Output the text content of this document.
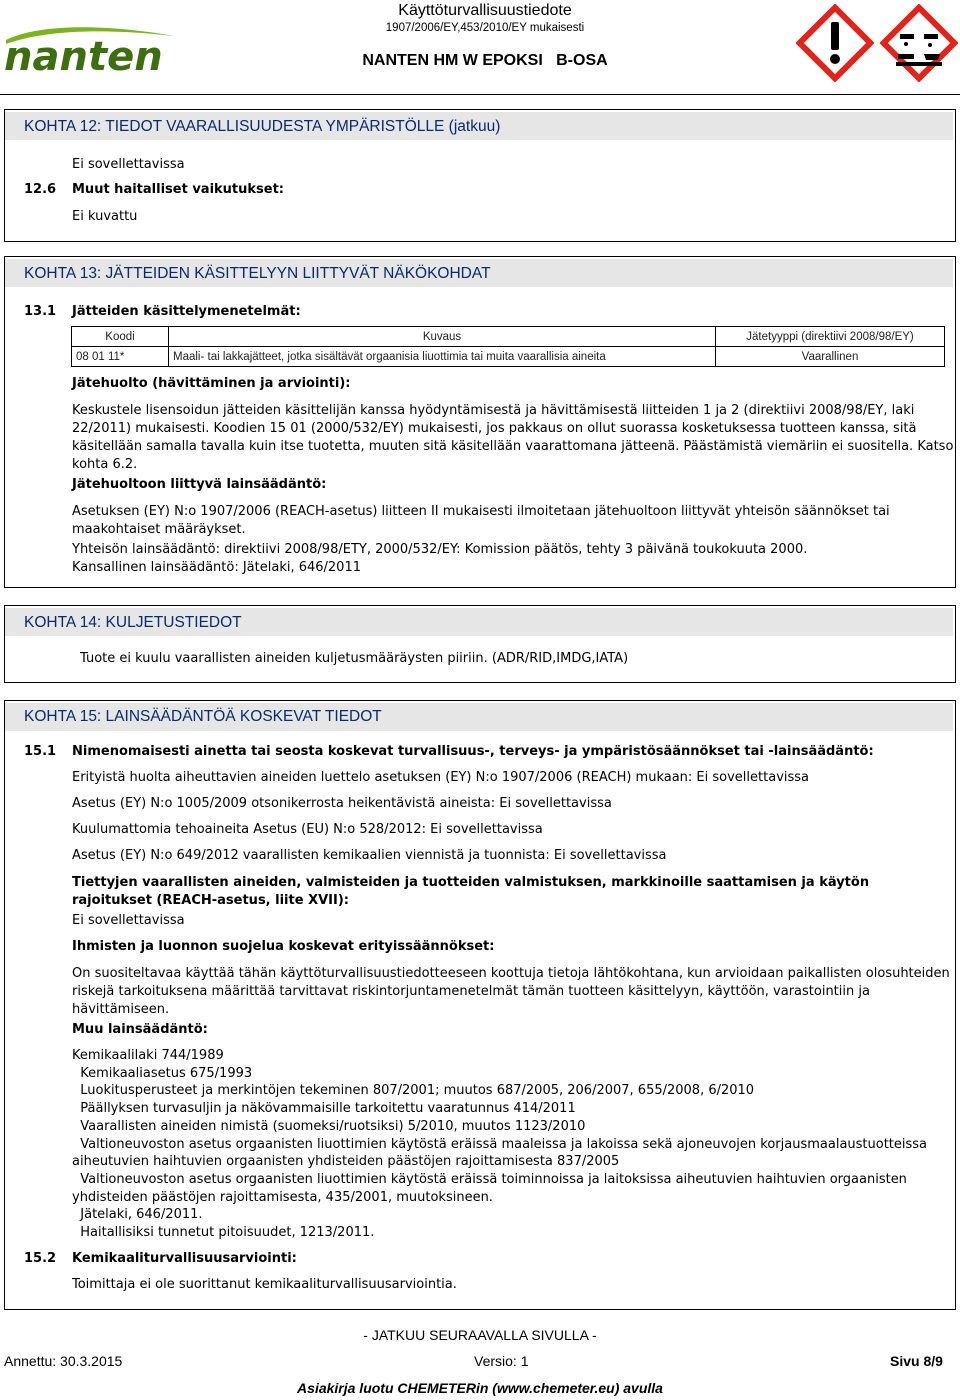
nanten
Käyttöturvallisuustiedote
1907/2006/EY,453/2010/EY mukaisesti
NANTEN HM W EPOKSI   B-OSA
KOHTA 12: TIEDOT VAARALLISUUDESTA YMPÄRISTÖLLE (jatkuu)
Ei sovellettavissa
12.6 Muut haitalliset vaikutukset:
Ei kuvattu
KOHTA 13: JÄTTEIDEN KÄSITTELYYN LIITTYVÄT NÄKÖKOHDAT
13.1 Jätteiden käsittelymenetelmät:
Koodi	Kuvaus	Jätetyyppi (direktiivi 2008/98/EY)
08 01 11*	Maali- tai lakkajätteet, jotka sisältävät orgaanisia liuottimia tai muita vaarallisia aineita	Vaarallinen
Jätehuolto (hävittäminen ja arviointi):
Keskustele lisensoidun jätteiden käsittelijän kanssa hyödyntämisestä ja hävittämisestä liitteiden 1 ja 2 (direktiivi 2008/98/EY, laki
22/2011) mukaisesti. Koodien 15 01 (2000/532/EY) mukaisesti, jos pakkaus on ollut suorassa kosketuksessa tuotteen kanssa, sitä
käsitellään samalla tavalla kuin itse tuotetta, muuten sitä käsitellään vaarattomana jätteenä. Päästämistä viemäriin ei suositella. Katso
kohta 6.2.
Jätehuoltoon liittyvä lainsäädäntö:
Asetuksen (EY) N:o 1907/2006 (REACH-asetus) liitteen II mukaisesti ilmoitetaan jätehuoltoon liittyvät yhteisön säännökset tai
maakohtaiset määräykset.
Yhteisön lainsäädäntö: direktiivi 2008/98/ETY, 2000/532/EY: Komission päätös, tehty 3 päivänä toukokuuta 2000.
Kansallinen lainsäädäntö: Jätelaki, 646/2011
KOHTA 14: KULJETUSTIEDOT
Tuote ei kuulu vaarallisten aineiden kuljetusmääräysten piiriin. (ADR/RID,IMDG,IATA)
KOHTA 15: LAINSÄÄDÄNTÖÄ KOSKEVAT TIEDOT
15.1 Nimenomaisesti ainetta tai seosta koskevat turvallisuus-, terveys- ja ympäristösäännökset tai -lainsäädäntö:
Erityistä huolta aiheuttavien aineiden luettelo asetuksen (EY) N:o 1907/2006 (REACH) mukaan: Ei sovellettavissa
Asetus (EY) N:o 1005/2009 otsonikerrosta heikentävistä aineista: Ei sovellettavissa
Kuulumattomia tehoaineita Asetus (EU) N:o 528/2012: Ei sovellettavissa
Asetus (EY) N:o 649/2012 vaarallisten kemikaalien viennistä ja tuonnista: Ei sovellettavissa
Tiettyjen vaarallisten aineiden, valmisteiden ja tuotteiden valmistuksen, markkinoille saattamisen ja käytön
rajoitukset (REACH-asetus, liite XVII):
Ei sovellettavissa
Ihmisten ja luonnon suojelua koskevat erityissäännökset:
On suositeltavaa käyttää tähän käyttöturvallisuustiedotteeseen koottuja tietoja lähtökohtana, kun arvioidaan paikallisten olosuhteiden
riskejä tarkoituksena määrittää tarvittavat riskintorjuntamenetelmät tämän tuotteen käsittelyyn, käyttöön, varastointiin ja
hävittämiseen.
Muu lainsäädäntö:
Kemikaalilaki 744/1989
Kemikaaliasetus 675/1993
Luokitusperusteet ja merkintöjen tekeminen 807/2001; muutos 687/2005, 206/2007, 655/2008, 6/2010
Päällyksen turvasuljin ja näkövammaisille tarkoitettu vaaratunnus 414/2011
Vaarallisten aineiden nimistä (suomeksi/ruotsiksi) 5/2010, muutos 1123/2010
Valtioneuvoston asetus orgaanisten liuottimien käytöstä eräissä maaleissa ja lakoissa sekä ajoneuvojen korjausmaalaustuotteissa
aiheutuvien haihtuvien orgaanisten yhdisteiden päästöjen rajoittamisesta 837/2005
Valtioneuvoston asetus orgaanisten liuottimien käytöstä eräissä toiminnoissa ja laitoksissa aiheutuvien haihtuvien orgaanisten
yhdisteiden päästöjen rajoittamisesta, 435/2001, muutoksineen.
Jätelaki, 646/2011.
Haitallisiksi tunnetut pitoisuudet, 1213/2011.
15.2 Kemikaaliturvallisuusarviointi:
Toimittaja ei ole suorittanut kemikaaliturvallisuusarviointia.
- JATKUU SEURAAVALLA SIVULLA -
Annettu: 30.3.2015	Versio: 1	Sivu 8/9
Asiakirja luotu CHEMETERin (www.chemeter.eu) avulla
